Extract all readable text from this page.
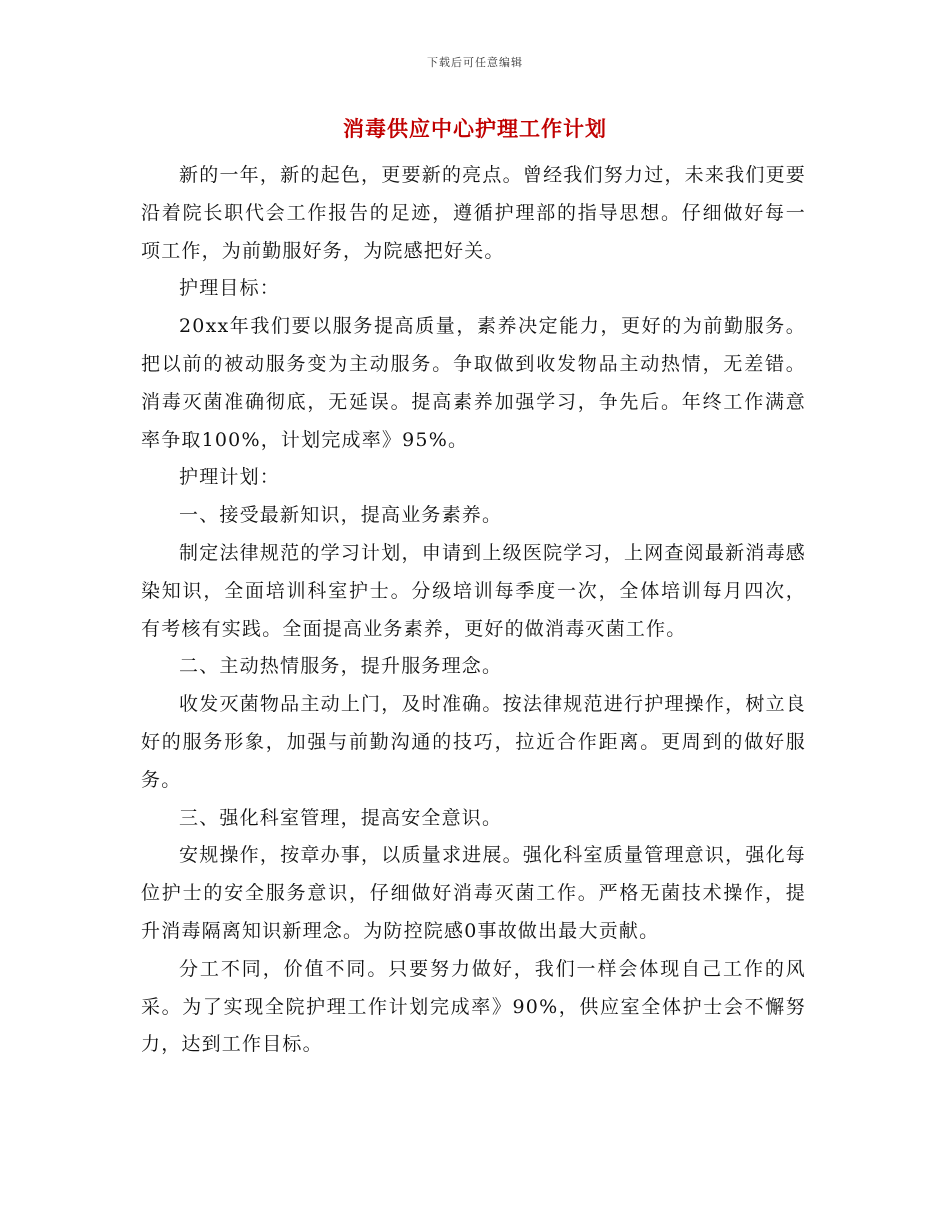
下载后可任意编辑
消毒供应中心护理工作计划

新的一年，新的起色，更要新的亮点。曾经我们努力过，未来我们更要沿着院长职代会工作报告的足迹，遵循护理部的指导思想。仔细做好每一项工作，为前勤服好务，为院感把好关。

护理目标：

20xx年我们要以服务提高质量，素养决定能力，更好的为前勤服务。把以前的被动服务变为主动服务。争取做到收发物品主动热情，无差错。消毒灭菌准确彻底，无延误。提高素养加强学习，争先后。年终工作满意率争取100%，计划完成率》95%。

护理计划：

一、接受最新知识，提高业务素养。

制定法律规范的学习计划，申请到上级医院学习，上网查阅最新消毒感染知识，全面培训科室护士。分级培训每季度一次，全体培训每月四次，有考核有实践。全面提高业务素养，更好的做消毒灭菌工作。

二、主动热情服务，提升服务理念。

收发灭菌物品主动上门，及时准确。按法律规范进行护理操作，树立良好的服务形象，加强与前勤沟通的技巧，拉近合作距离。更周到的做好服务。

三、强化科室管理，提高安全意识。

安规操作，按章办事，以质量求进展。强化科室质量管理意识，强化每位护士的安全服务意识，仔细做好消毒灭菌工作。严格无菌技术操作，提升消毒隔离知识新理念。为防控院感0事故做出最大贡献。

分工不同，价值不同。只要努力做好，我们一样会体现自己工作的风采。为了实现全院护理工作计划完成率》90%，供应室全体护士会不懈努力，达到工作目标。
